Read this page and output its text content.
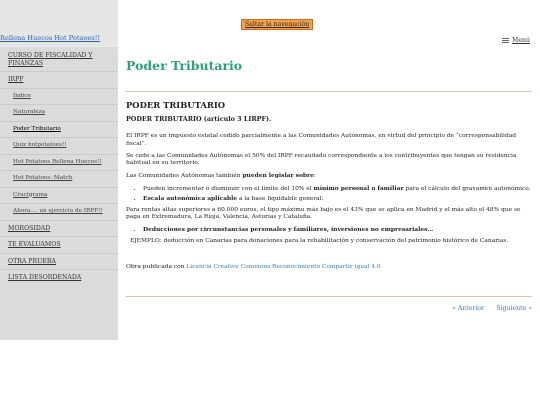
Rellena Huecos Hot Potaoes!!
CURSO DE FISCALIDAD Y FINANZAS
IRPF
Índice
Naturaleza
Poder Tributario
Quiz hotpotatoes!!
Hot Potatoes Rellena Huecos!!
Hot Potatoes- Match
Crucigrama
Ahora.... un ejercicio de IRPF!!
MOROSIDAD
TE EVALUAMOS
OTRA PRUEBA
LISTA DESORDENADA
Saltar la navegación
Menú
Poder Tributario
PODER TRIBUTARIO
PODER TRIBUTARIO (artículo 3 LIRPF).

El IRPF es un impuesto estatal cedido parcialmente a las Comunidades Autónomas, en virtud del principio de “corresponsabilidad fiscal”.

Se cede a las Comunidades Autónomas el 50% del IRPF recaudado correspondiente a los contribuyentes que tengan su residencia habitual en su territorio.

Las Comunidades Autónomas también pueden legislar sobre:

• Pueden incrementar o disminuir con el límite del 10% el mínimo personal o familiar para el cálculo del gravamen autonómico.
• Escala autonómica aplicable a la base liquidable general:

Para rentas altas superiores a 60.000 euros, el tipo máximo más bajo es el 43% que se aplica en Madrid y el más alto el 48% que se paga en Extremadura, La Rioja, Valencia, Asturias y Cataluña.

• Deducciones por circunstancias personales y familiares, inversiones no empresariales…

EJEMPLO: deducción en Canarias para donaciones para la rehabilitación y conservación del patrimonio histórico de Canarias.

Obra publicada con Licencia Creative Commons Reconocimiento Compartir igual 4.0

« Anterior Siguiente »
